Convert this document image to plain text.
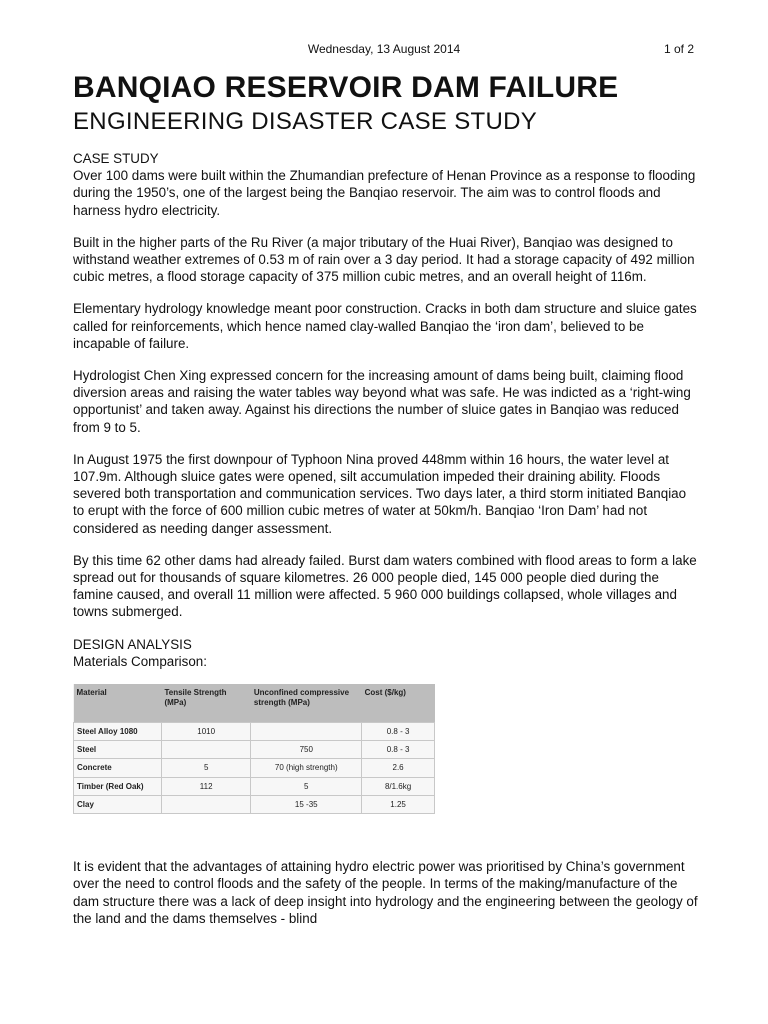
Wednesday, 13 August 2014	1 of 2
BANQIAO RESERVOIR DAM FAILURE
ENGINEERING DISASTER CASE STUDY
CASE STUDY

Over 100 dams were built within the Zhumandian prefecture of Henan Province as a response to flooding during the 1950’s, one of the largest being the Banqiao reservoir. The aim was to control floods and harness hydro electricity.

Built in the higher parts of the Ru River (a major tributary of the Huai River), Banqiao was designed to withstand weather extremes of 0.53 m of rain over a 3 day period. It had a storage capacity of 492 million cubic metres, a flood storage capacity of 375 million cubic metres, and an overall height of 116m.

Elementary hydrology knowledge meant poor construction. Cracks in both dam structure and sluice gates called for reinforcements, which hence named clay-walled Banqiao the ‘iron dam’, believed to be incapable of failure.

Hydrologist Chen Xing expressed concern for the increasing amount of dams being built, claiming flood diversion areas and raising the water tables way beyond what was safe. He was indicted as a ‘right-wing opportunist’ and taken away. Against his directions the number of sluice gates in Banqiao was reduced from 9 to 5.

In August 1975 the first downpour of Typhoon Nina proved 448mm within 16 hours, the water level at 107.9m. Although sluice gates were opened, silt accumulation impeded their draining ability. Floods severed both transportation and communication services. Two days later, a third storm initiated Banqiao to erupt with the force of 600 million cubic metres of water at 50km/h. Banqiao ‘Iron Dam’ had not considered as needing danger assessment.

By this time 62 other dams had already failed. Burst dam waters combined with flood areas to form a lake spread out for thousands of square kilometres. 26 000 people died, 145 000 people died during the famine caused, and overall 11 million were affected. 5 960 000 buildings collapsed, whole villages and towns submerged.

DESIGN ANALYSIS
Materials Comparison:
Material	Tensile Strength (MPa)	Unconfined compressive strength (MPa)	Cost ($/kg)
Steel Alloy 1080	1010		0.8 - 3
Steel		750	0.8 - 3
Concrete	5	70 (high strength)	2.6
Timber (Red Oak)	112	5	8/1.6kg
Clay		15 -35	1.25

It is evident that the advantages of attaining hydro electric power was prioritised by China’s government over the need to control floods and the safety of the people. In terms of the making/manufacture of the dam structure there was a lack of deep insight into hydrology and the engineering between the geology of the land and the dams themselves - blind
